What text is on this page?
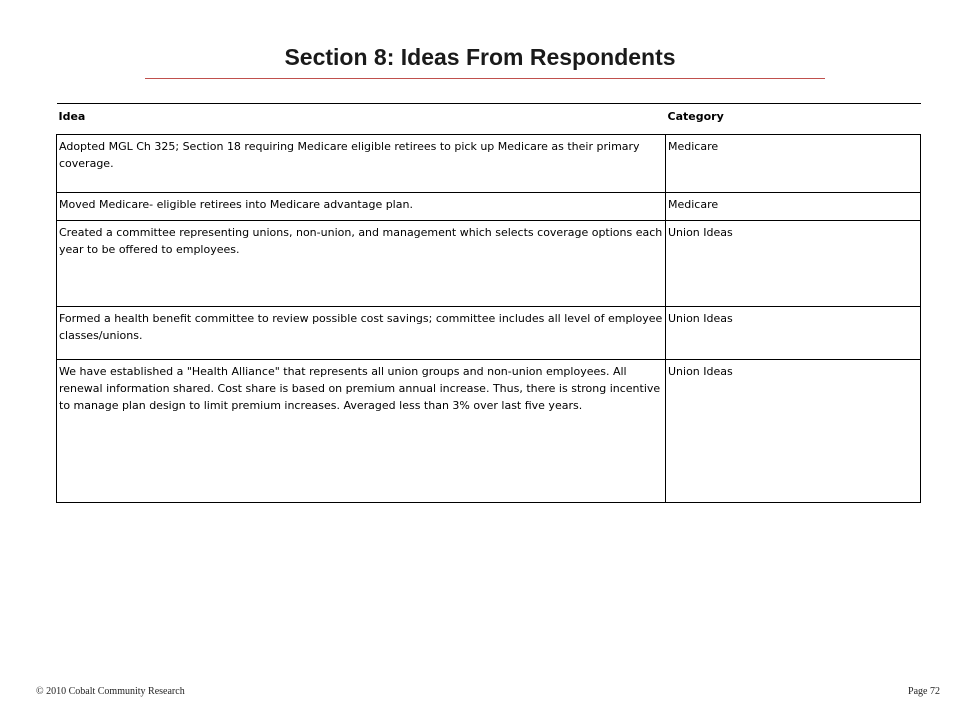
Section 8: Ideas From Respondents
Idea	Category
Adopted MGL Ch 325; Section 18 requiring Medicare eligible retirees to pick up Medicare as their primary coverage.	Medicare
Moved Medicare- eligible retirees into Medicare advantage plan.	Medicare
Created a committee representing unions, non-union, and management which selects coverage options each year to be offered to employees.	Union Ideas
Formed a health benefit committee to review possible cost savings; committee includes all level of employee classes/unions.	Union Ideas
We have established a "Health Alliance" that represents all union groups and non-union employees. All renewal information shared. Cost share is based on premium annual increase. Thus, there is strong incentive to manage plan design to limit premium increases. Averaged less than 3% over last five years.	Union Ideas
© 2010 Cobalt Community Research	Page 72
